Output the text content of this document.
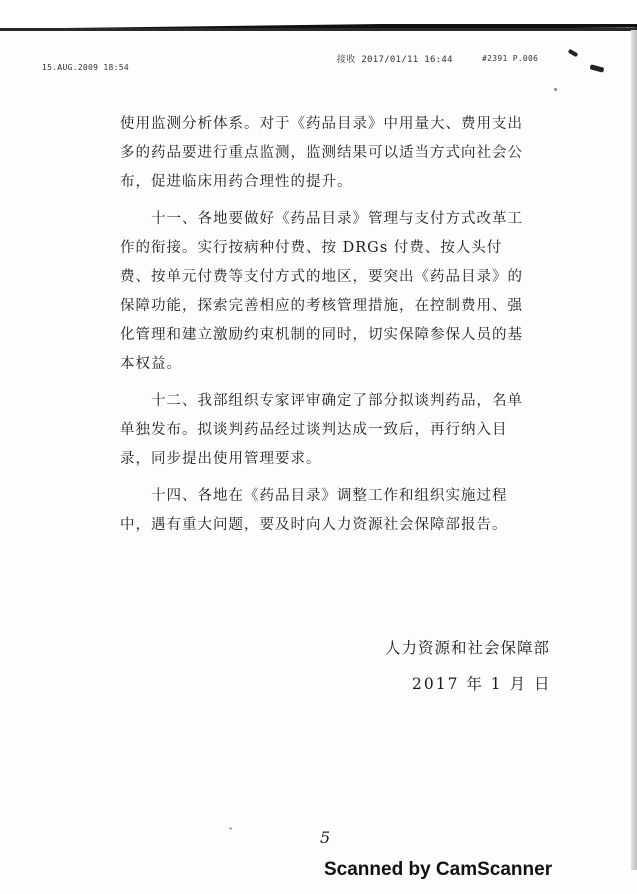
15.AUG.2009 18:54
接收 2017/01/11 16:44	#2391 P.006

使用监测分析体系。对于《药品目录》中用量大、费用支出多的药品要进行重点监测，监测结果可以适当方式向社会公布，促进临床用药合理性的提升。

十一、各地要做好《药品目录》管理与支付方式改革工作的衔接。实行按病种付费、按 DRGs 付费、按人头付费、按单元付费等支付方式的地区，要突出《药品目录》的保障功能，探索完善相应的考核管理措施，在控制费用、强化管理和建立激励约束机制的同时，切实保障参保人员的基本权益。

十二、我部组织专家评审确定了部分拟谈判药品，名单单独发布。拟谈判药品经过谈判达成一致后，再行纳入目录，同步提出使用管理要求。

十四、各地在《药品目录》调整工作和组织实施过程中，遇有重大问题，要及时向人力资源社会保障部报告。

人力资源和社会保障部
2017 年 1 月 日
ˇ	5
Scanned by CamScanner
